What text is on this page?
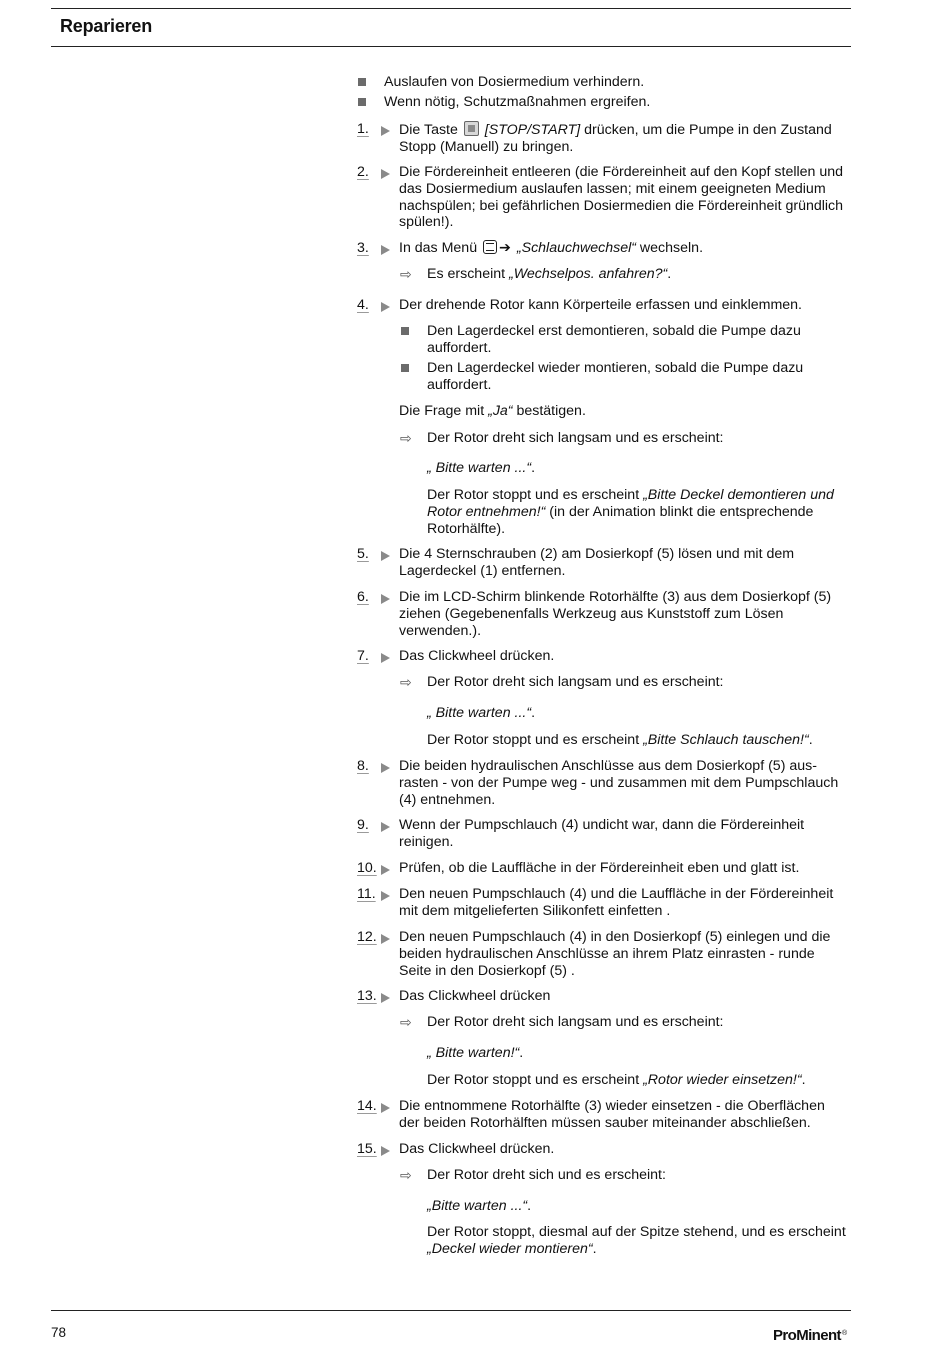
Reparieren
Auslaufen von Dosiermedium verhindern.
Wenn nötig, Schutzmaßnahmen ergreifen.
1.	Die Taste [STOP/START] drücken, um die Pumpe in den Zustand Stopp (Manuell) zu bringen.
2.	Die Fördereinheit entleeren (die Fördereinheit auf den Kopf stellen und das Dosiermedium auslaufen lassen; mit einem geeigneten Medium nachspülen; bei gefährlichen Dosiermedien die Fördereinheit gründlich spülen!).
3.	In das Menü ➔ „Schlauchwechsel“ wechseln.
⇨ Es erscheint „Wechselpos. anfahren?“.
4.	Der drehende Rotor kann Körperteile erfassen und einklemmen.
Den Lagerdeckel erst demontieren, sobald die Pumpe dazu auffordert.
Den Lagerdeckel wieder montieren, sobald die Pumpe dazu auffordert.
Die Frage mit „Ja“ bestätigen.
⇨ Der Rotor dreht sich langsam und es erscheint:
„ Bitte warten ...“.
Der Rotor stoppt und es erscheint „Bitte Deckel demontieren und Rotor entnehmen!“ (in der Animation blinkt die entsprechende Rotorhälfte).
5.	Die 4 Sternschrauben (2) am Dosierkopf (5) lösen und mit dem Lagerdeckel (1) entfernen.
6.	Die im LCD-Schirm blinkende Rotorhälfte (3) aus dem Dosierkopf (5) ziehen (Gegebenenfalls Werkzeug aus Kunststoff zum Lösen verwenden.).
7.	Das Clickwheel drücken.
⇨ Der Rotor dreht sich langsam und es erscheint:
„ Bitte warten ...“.
Der Rotor stoppt und es erscheint „Bitte Schlauch tauschen!“.
8.	Die beiden hydraulischen Anschlüsse aus dem Dosierkopf (5) ausrasten - von der Pumpe weg - und zusammen mit dem Pumpschlauch (4) entnehmen.
9.	Wenn der Pumpschlauch (4) undicht war, dann die Fördereinheit reinigen.
10.	Prüfen, ob die Lauffläche in der Fördereinheit eben und glatt ist.
11.	Den neuen Pumpschlauch (4) und die Lauffläche in der Fördereinheit mit dem mitgelieferten Silikonfett einfetten .
12.	Den neuen Pumpschlauch (4) in den Dosierkopf (5) einlegen und die beiden hydraulischen Anschlüsse an ihrem Platz einrasten - runde Seite in den Dosierkopf (5) .
13.	Das Clickwheel drücken
⇨ Der Rotor dreht sich langsam und es erscheint:
„ Bitte warten!“.
Der Rotor stoppt und es erscheint „Rotor wieder einsetzen!“.
14.	Die entnommene Rotorhälfte (3) wieder einsetzen - die Oberflächen der beiden Rotorhälften müssen sauber miteinander abschließen.
15.	Das Clickwheel drücken.
⇨ Der Rotor dreht sich und es erscheint:
„Bitte warten ...“.
Der Rotor stoppt, diesmal auf der Spitze stehend, und es erscheint „Deckel wieder montieren“.
78	ProMinent®
